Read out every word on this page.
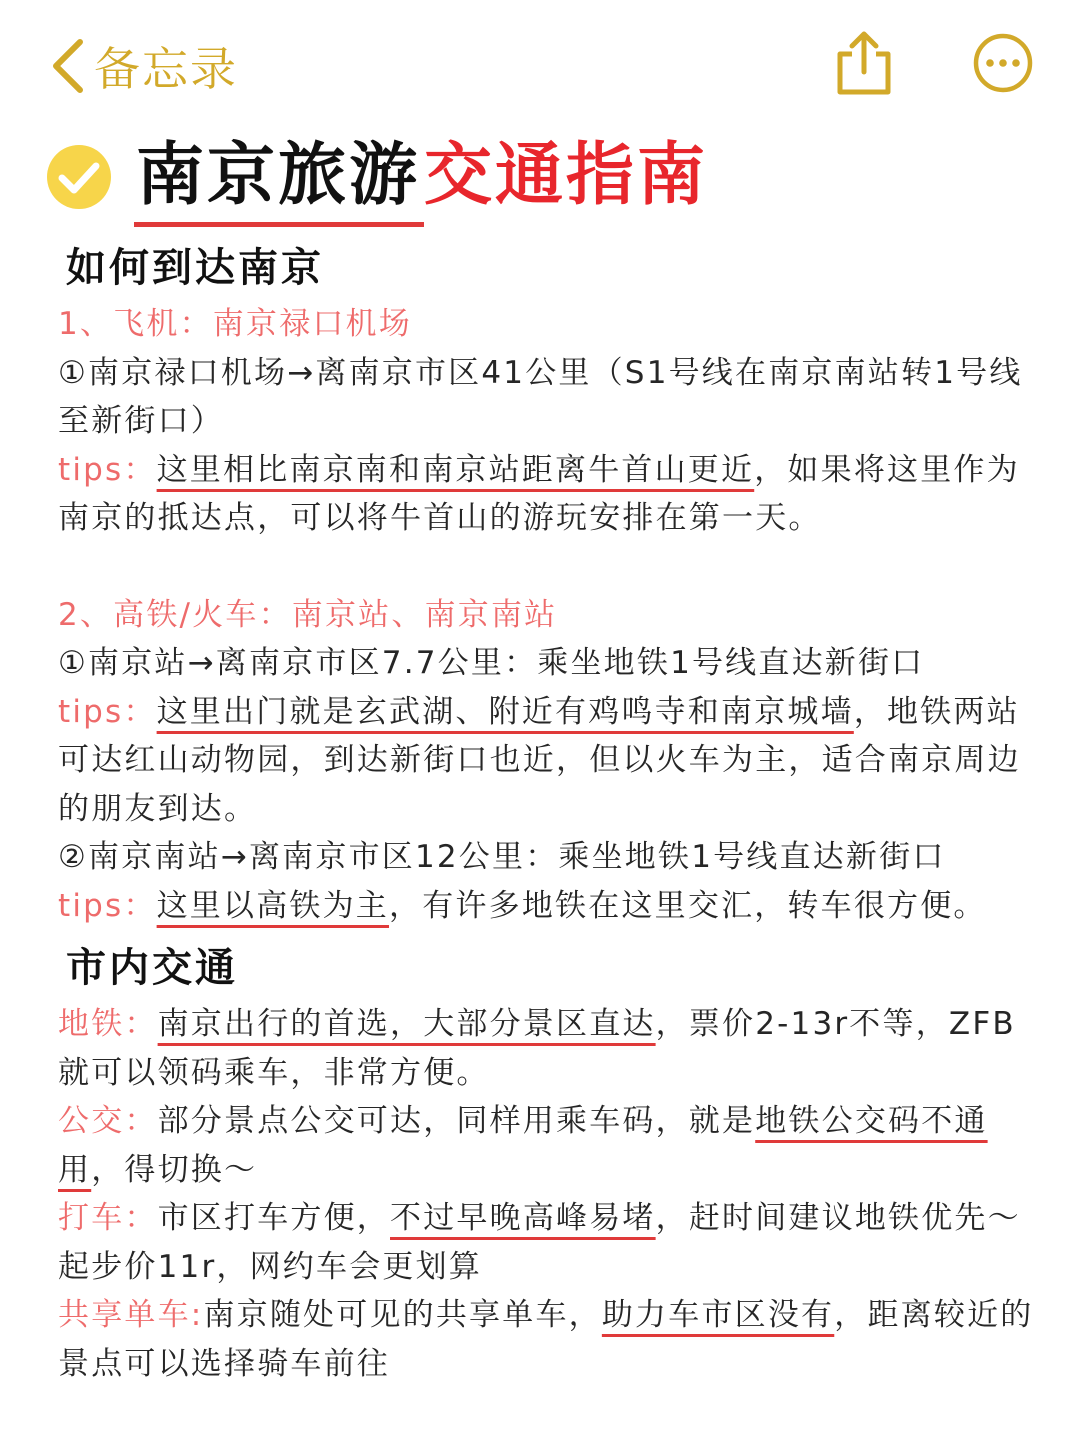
备忘录
南京旅游交通指南
如何到达南京

1、飞机：南京禄口机场

①南京禄口机场→离南京市区41公里（S1号线在南京南站转1号线至新街口）

tips：这里相比南京南和南京站距离牛首山更近，如果将这里作为南京的抵达点，可以将牛首山的游玩安排在第一天。

2、高铁/火车：南京站、南京南站

①南京站→离南京市区7.7公里：乘坐地铁1号线直达新街口

tips：这里出门就是玄武湖、附近有鸡鸣寺和南京城墙，地铁两站可达红山动物园，到达新街口也近，但以火车为主，适合南京周边的朋友到达。

②南京南站→离南京市区12公里：乘坐地铁1号线直达新街口

tips：这里以高铁为主，有许多地铁在这里交汇，转车很方便。

市内交通

地铁：南京出行的首选，大部分景区直达，票价2-13r不等，ZFB就可以领码乘车，非常方便。

公交：部分景点公交可达，同样用乘车码，就是地铁公交码不通用，得切换～

打车：市区打车方便，不过早晚高峰易堵，赶时间建议地铁优先～起步价11r，网约车会更划算

共享单车:南京随处可见的共享单车，助力车市区没有，距离较近的景点可以选择骑车前往
